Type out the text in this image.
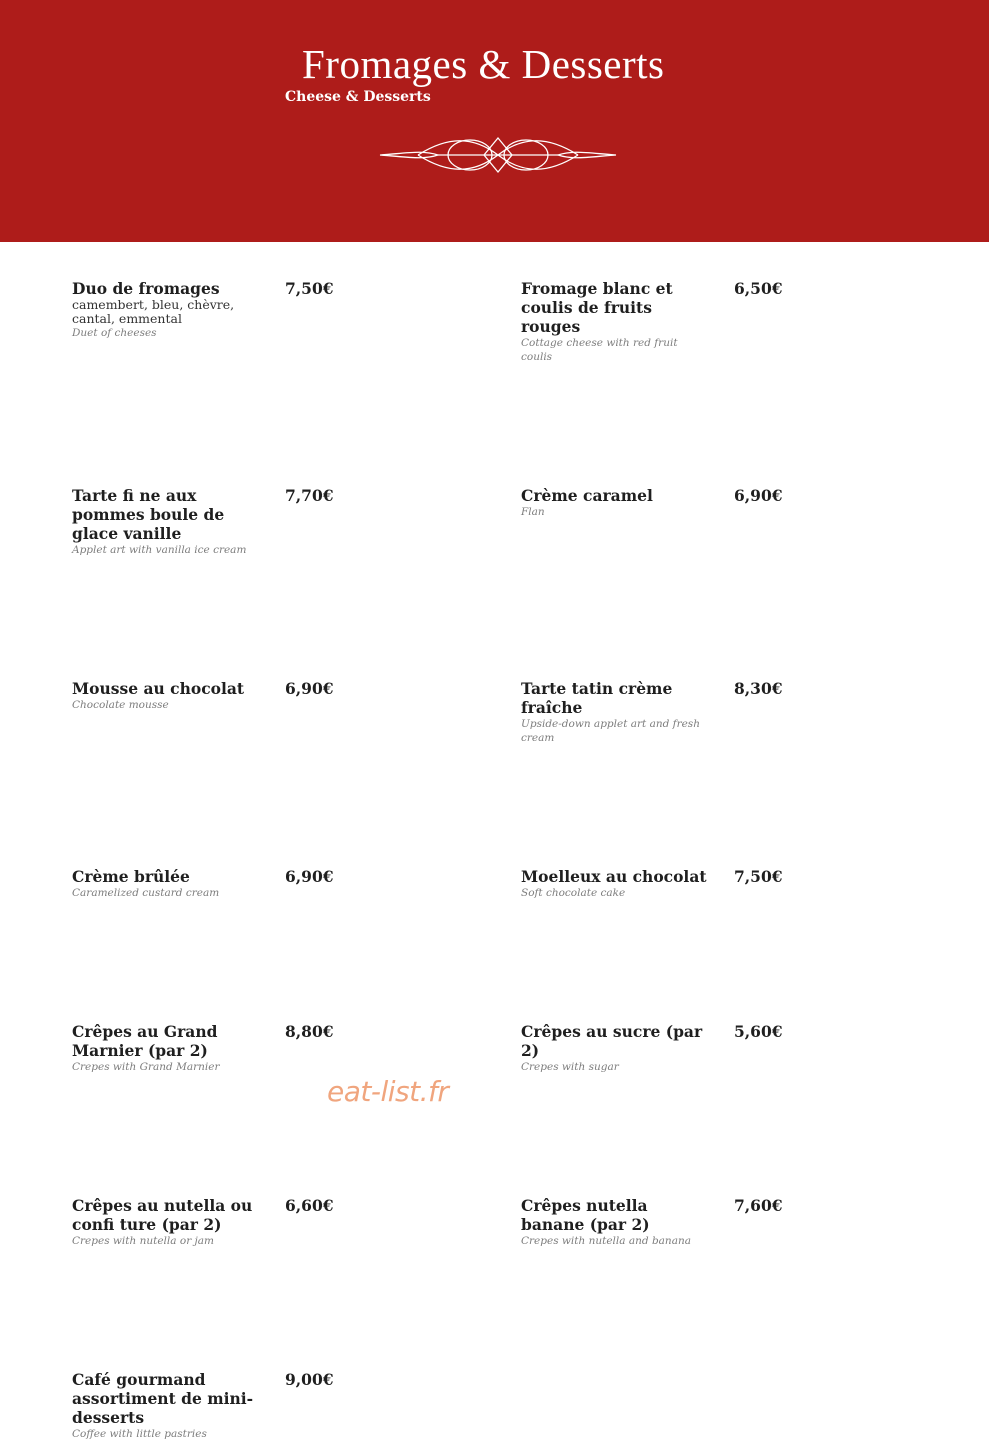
Fromages & Desserts
Cheese & Desserts
Duo de fromages
camembert, bleu, chèvre, cantal, emmental
Duet of cheeses
7,50€	Fromage blanc et coulis de fruits rouges
Cottage cheese with red fruit coulis
6,50€
Tarte fi ne aux pommes boule de glace vanille
Applet art with vanilla ice cream
7,70€	Crème caramel
Flan
6,90€
Mousse au chocolat
Chocolate mousse
6,90€	Tarte tatin crème fraîche
Upside-down applet art and fresh cream
8,30€
Crème brûlée
Caramelized custard cream
6,90€	Moelleux au chocolat
Soft chocolate cake
7,50€
Crêpes au Grand Marnier (par 2)
Crepes with Grand Marnier
8,80€	Crêpes au sucre (par 2)
Crepes with sugar
5,60€
Crêpes au nutella ou confi ture (par 2)
Crepes with nutella or jam
6,60€	Crêpes nutella banane (par 2)
Crepes with nutella and banana
7,60€
Café gourmand assortiment de mini-desserts
Coffee with little pastries
9,00€
eat-list.fr
